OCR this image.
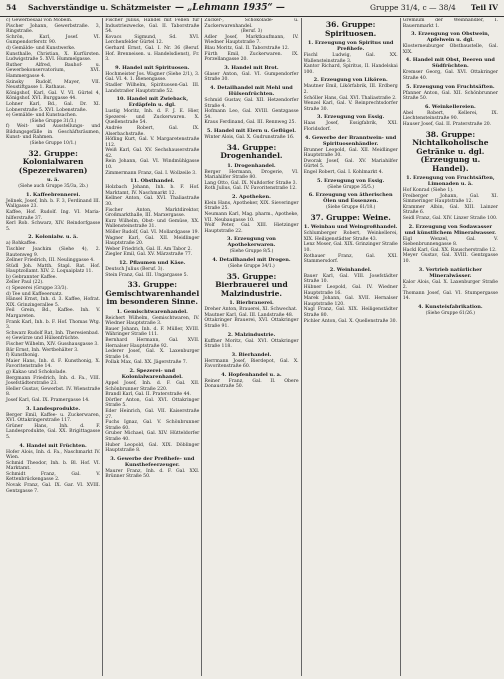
54 Sachverständige u. Schätzmeister — „Lehmann 1935“ —	Gruppe 31/4, c — 38/4 Teil IV
c) Gewerbesaal von Möbeln.
Pischer Johann, Gewerbstraße. 3, Ringstraße.
Schrön, Karl, Josef. VI. Gumpendorferstr. 90.
d) Gemälde- und Kunstwerke.
Kunsthalle, Christian, X. Kurfürsten. Ludwigstraße 5. XVI. Hummelgasse.
Ruther Alfred, Bauhof- u. Gewerbekonservatorium, XVI. Hammergasse 4.
Szinsky Rudolf, Mayer, VII. Neustiftgasse 1. Rathaus.
Königshof, Karl, Gal. V. VI. Gürtel 4, Königshof. XVI. Burggasse 44.
Lohner Karl, Bd., Gal. Dr. XI. Lobnerstraße 5. XVI. Lobenstraße.
e) Gemälde- und Kunstsachen.
(Siehe Gruppe 31/3.)
f) Weit- und Ausstellungs- und Bildungsgefälle in Geschäftsräumen, Kunst- und Rahmen.
(Siehe Gruppe 10/1.)
32. Gruppe: Kolonialwaren (Spezereiwaren)
u. ä.
(Siehe auch Gruppe 35/3a, 2b.)
1. Kaffeebrennerei.
Jelinek, Josef, Inh. b. F. 3, Ferdinand III. Wallgasse 23.
Kaffee, Hof. Rudolf. Ing. VI. Maria-hilferstraße 37.
Kerl Rob. Schwarz, XIV. Reindorfgasse 5.
2. Kolonialw. u. ä.
a) Rohkaffee.
Tischler Joachim (Siehe 4), 2. Rautenweg 9.
Zellner Friedrich, III. Neulinggasse 4.
Stüdl Joh. Matth. Stapl. Rat. Hof. Hauptzollamt. XIV. 2. Loquaiplatz 11.
b) Gebrannter Kaffee.
Zeller Paul (22).
c) Spezerei (Gruppe 33/3).
d) Tee und Kaffeeersatz.
Hänsel Ernst, Inh. d. 3. Kaffee, Hofrat. XIX. Grinzingerallee 5.
Feil Grein, Bd., Kaffee. Inh. V. Margareten.
Frank Karl, Inh. b. F. Hof. Thomas Wtg. 3.
Schwarz Rudolf Rat, Inh. Theresienbad.
e) Gewürze und Hülsenfrüchte.
Fischer Wilhelm, XIV. Gusshausgasse 3.
Bär Ernst, Inh. Wertbehälter 3.
f) Kunsthonig.
Maier Hans, Inh. d. F. Kunsthonig, X. Favoritenstraße 14.
g) Kakao und Schokolade.
Bergmann Friedrich, Inh. d. Fa., VIII. Josefstädterstraße 23.
Heller Gustav, Gewerbst. IV. Wienstraße 8.
Josef Karl, Gal. IX. Pramergasse 14.
3. Landesprodukte.
Berger Emil, Kaffee- u. Zuckerwaren, XVI. Ottakringerstraße 117.
Grüner Hans, Inh. d. F. Landesprodukte, Gal. XX. Brigittagasse 5.
4. Handel mit Früchten.
Hofer Alois, Inh. d. Fa., Naschmarkt IV. Wien.
Schmid Theodor, Inh. b. Bl. Hof. VI. Marktamt.
Schmidt Franz, Gal. V. Kettenbrückengasse 2.
Novak Franz, Gal. IX. Gar. VI. XVIII. Gentzgasse 7.
Fischer Julius, Handel mit Fellen für Industriezwecke, Gal. II. Taborstraße 54.
Kovacs Sigmund, Sd. XVI. Lerchenfelder Gürtel 12.
Gerhard Ernst, Gal. I. Nr. 36 (Beruf. Hof. Brenneisen. u. Handelsdienst), Fr. 3.
9. Handel mit Spirituosen.
Hochmeister Jos. Wagner (Siehe 2/1), 3. Gal. VI. 4. 1. Bienengasse.
Stadler Wilhelm, Spirituosen-Gal. III. Landstraßer Hauptstraße 52.
10. Handel mit Zwieback, Erdäpfeln u. dgl.
Lustig Moritz, Inh. d. F. J. E. Hier, Spezerei- und Zuckerwaren. X. Quellenstraße 54.
Andrée Robert, Gal. IX. Alserbachstraße.
Höfling Kurt, Gal. V. Margaretenstraße 112.
Weiß Karl, Gal. XV. Sechshauserstraße 42.
Rein Johann, Gal. VI. Windmühlgasse 10.
Zimmermann Franz, Gal. I. Wollzeile 3.
11. Obsthandel.
Holzbach Johann, Inh. b. F. Hof. Marktamt, IV. Naschmarkt 12.
Kellner Anton, Gal. XVI. Thaliastraße 30.
Fischer Anton, Marktdirektor, Großmarkthalle, III. Marxergasse.
Kurz Wilhelm, Obst- und Gemüse, XX. Wallensteinstraße 31.
Möller Rudolf, Gal. VI. Mollardgasse 19.
Wagner Karl, Gal. XII. Meidlinger Hauptstraße 20.
Weber Friedrich, Gal. II. Am Tabor 2.
Ziegler Emil, Gal. XV. Märzstraße 77.
12. Pflaumen und Käse.
Deutsch Julius (Beruf. 3).
Stein Franz, Gal. III. Ungargasse 5.
33. Gruppe: Gemischtwarenhandel im besonderen Sinne.
1. Gemischtwarenhandel.
Reichert Wilhelm, Gemischtwaren, IV. Wiedner Hauptstraße 3.
Bauer Johann, Inh. d. F. Müller, XVIII. Währinger Straße 111.
Bernhard Hermann, Gal. XVII. Hernalser Hauptstraße 92.
Lederer Josef, Gal. X. Laxenburger Straße 14.
Pollak Max, Gal. XX. Jägerstraße 7.
2. Spezerei- und Kolonialwarenhandel.
Appel Josef, Inh. d. F. Gal. XII. Schönbrunner Straße 220.
Brandl Karl, Gal. II. Praterstraße 44.
Dörfler Anton, Gal. XVI. Ottakringer Straße 5.
Eder Heinrich, Gal. VII. Kaiserstraße 27.
Fuchs Ignaz, Gal. V. Schönbrunner Straße 60.
Gruber Michael, Gal. XIV. Hütteldorfer Straße 40.
Huber Leopold, Gal. XIX. Döblinger Hauptstraße 8.
3. Gewerbe der Preßhefe- und Kunsthefeerzeuger.
Maurer Franz, Inh. d. F. Gal. XXI. Brünner Straße 50.
Zucker-, Schokolade- u. Zuckerwarenhandel.
(Beruf. 3)
Adler Josef, Marktkaufmann, IV. Wiedner Hauptstraße 7.
Blau Moritz, Gal. II. Taborstraße 12.
Fürth Emil, Zuckerwaren. IX. Porzellangasse 20.
3. Handel mit Brot.
Glaser Anton, Gal. VI. Gumpendorfer Straße 30.
4. Detailhandel mit Mehl und Hülsenfrüchten.
Schmid Gustav, Gal. XII. Hetzendorfer Straße 4.
Hofmann Leo, Gal. XVIII. Gentzgasse 54.
Kraus Ferdinand, Gal. III. Rennweg 25.
5. Handel mit Eiern u. Geflügel.
Winter Alois, Gal. X. Gudrunstraße 16.
34. Gruppe: Drogenhandel.
1. Drogenhandel.
Berger Hermann, Drogerie, VI. Mariahilfer Straße 80.
Lang Otto, Gal. IX. Nußdorfer Straße 3.
Roth Julius, Gal. IV. Favoritenstraße 12.
2. Apotheken.
Klein Hans, Apotheker, XIX. Sieveringer Straße 25.
Neumann Karl, Mag. pharm., Apotheke, VII. Neubaugasse 10.
Wolf Peter, Gal. XIII. Hietzinger Hauptstraße 22.
3. Erzeugung von Apothekerwaren.
(Siehe Gruppe 8/5.)
4. Detailhandel mit Drogen.
(Siehe Gruppe 34/1.)
35. Gruppe: Bierbrauerei und Malzindustrie.
1. Bierbrauerei.
Dreher Anton, Brauerei, XI. Schwechat.
Mautner Karl, Gal. III. Landstraße 48.
Ottakringer Brauerei, XVI. Ottakringer Straße 91.
2. Malzindustrie.
Kuffner Moritz, Gal. XVI. Ottakringer Straße 118.
3. Bierhandel.
Herrmann Josef, Bierdepot, Gal. X. Favoritenstraße 60.
4. Hopfenhandel u. a.
Reiner Franz, Gal. II. Obere Donaustraße 50.
36. Gruppe: Spirituosen.
1. Erzeugung von Spiritus und Preßhefe.
Fischl Ludwig, Gal. XX. Wallensteinstraße 3.
Kantor Richard, Spiritus, II. Handelskai 100.
2. Erzeugung von Likören.
Mautner Emil, Likörfabrik, III. Erdberg 2.
Schöller Hans, Gal. XVI. Thaliastraße 2.
Wenzel Karl, Gal. V. Reinprechtsdorfer Straße 30.
3. Erzeugung von Essig.
Haas Josef, Essigfabrik, XXI. Floridsdorf.
4. Gewerbe der Branntwein- und Spirituosenhändler.
Brunner Leopold, Gal. XII. Meidlinger Hauptstraße 30.
Dworak Josef, Gal. XV. Mariahilfer Gürtel 5.
Engel Robert, Gal. I. Kohlmarkt 4.
5. Erzeugung von Essig.
(Siehe Gruppe 35/5.)
6. Erzeugung von ätherischen Ölen und Essenzen.
(Siehe Gruppe 61/18.)
37. Gruppe: Weine.
1. Weinbau und Weingroßhandel.
Schlumberger Robert, Weinkellerei, XIX. Heiligenstädter Straße 43.
Lenz Moser, Gal. XIX. Grinzinger Straße 10.
Rothauer Franz, Gal. XXI. Stammersdorf.
2. Weinhandel.
Bauer Karl, Gal. VIII. Josefstädter Straße 10.
Hübner Leopold, Gal. IV. Wiedner Hauptstraße 16.
Marek Johann, Gal. XVII. Hernalser Hauptstraße 120.
Nagl Franz, Gal. XIX. Heiligenstädter Straße 80.
Pichler Anton, Gal. X. Quellenstraße 30.
Gremium der Weinhändler, I. Bauernmarkt 1.
3. Erzeugung von Obstwein, Apfelwein u. dgl.
Klosterneuburger Obstbaustelle, Gal. XIX.
4. Handel mit Obst, Beeren und Südfrüchten.
Kremser Georg, Gal. XVI. Ottakringer Straße 40.
5. Erzeugung von Fruchtsäften.
Pfanner Anton, Gal. XII. Schönbrunner Straße 50.
6. Weinkellereien.
Abel Robert, Kellerei, IX. Liechtensteinstraße 90.
Hauser Josef, Gal. II. Praterstraße 20.
38. Gruppe: Nichtalkoholische Getränke u. dgl. (Erzeugung u. Handel).
1. Erzeugung von Fruchtsäften, Limonaden u. ä.
Hof Konrad (Siehe 1).
Freiberger Johann, Gal. XI. Simmeringer Hauptstraße 12.
Krammer Albin, Gal. XIII. Lainzer Straße 6.
Seidl Franz, Gal. XIV. Linzer Straße 100.
2. Erzeugung von Sodawasser und künstlichem Mineralwasser.
Eigl Wenzel, Gal. V. Siebenbrunnengasse 8.
Hackl Karl, Gal. XX. Rauscherstraße 12.
Meyer Gustav, Gal. XVIII. Gentzgasse 10.
3. Vertrieb natürlicher Mineralwässer.
Kalor Alois, Gal. X. Laxenburger Straße 2.
Thomann Josef, Gal. VI. Stumpergasse 14.
4. Kunsteisfabrikation.
(Siehe Gruppe 61/26.)
